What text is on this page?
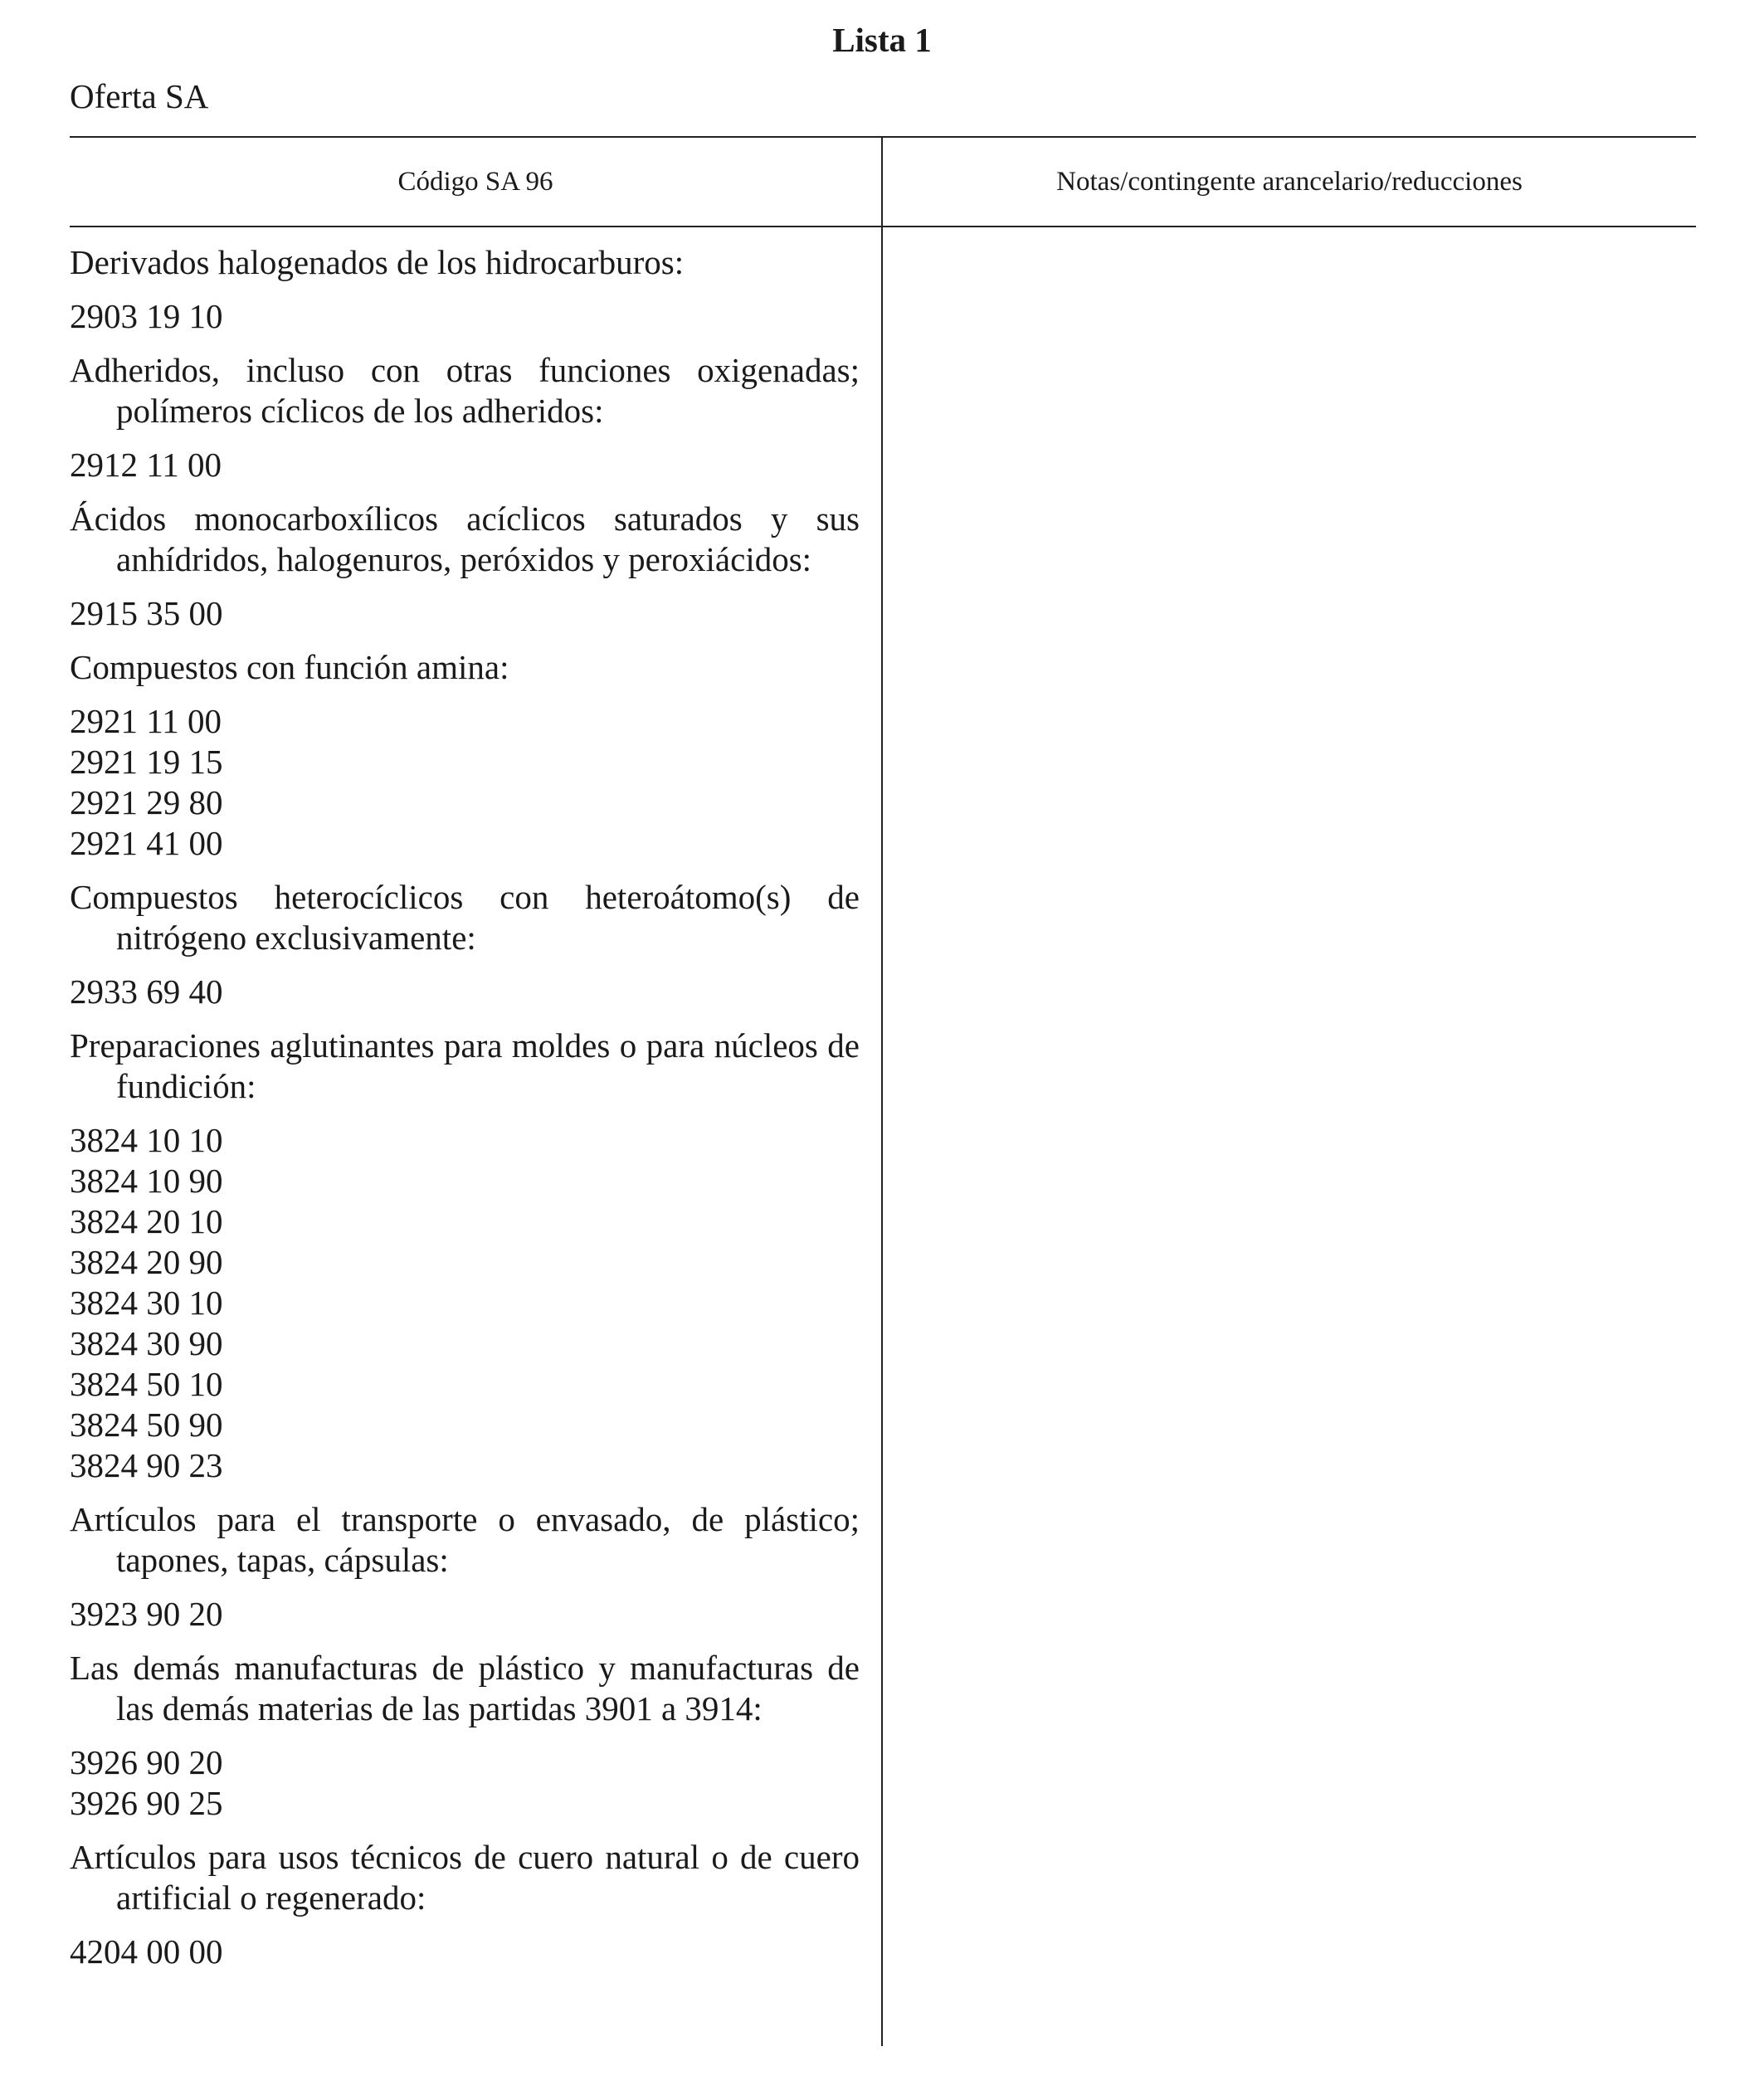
Lista 1
Oferta SA
Código SA 96	Notas/contingente arancelario/reducciones

Derivados halogenados de los hidrocarburos:

2903 19 10

Adheridos, incluso con otras funciones oxigenadas; polímeros cíclicos de los adheridos:

2912 11 00

Ácidos monocarboxílicos acíclicos saturados y sus anhídridos, halogenuros, peróxidos y peroxiácidos:

2915 35 00

Compuestos con función amina:

2921 11 00
2921 19 15
2921 29 80
2921 41 00

Compuestos heterocíclicos con heteroátomo(s) de nitrógeno exclusivamente:

2933 69 40

Preparaciones aglutinantes para moldes o para núcleos de fundición:

3824 10 10
3824 10 90
3824 20 10
3824 20 90
3824 30 10
3824 30 90
3824 50 10
3824 50 90
3824 90 23

Artículos para el transporte o envasado, de plástico; tapones, tapas, cápsulas:

3923 90 20

Las demás manufacturas de plástico y manufacturas de las demás materias de las partidas 3901 a 3914:

3926 90 20
3926 90 25

Artículos para usos técnicos de cuero natural o de cuero artificial o regenerado:

4204 00 00
